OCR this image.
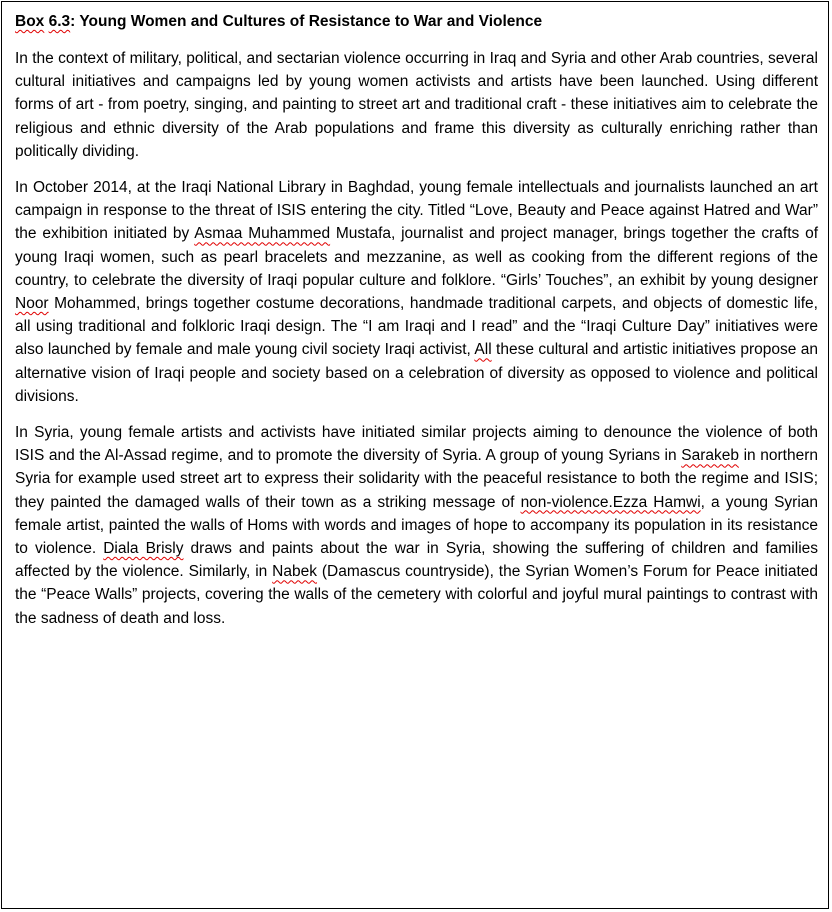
Box 6.3: Young Women and Cultures of Resistance to War and Violence

In the context of military, political, and sectarian violence occurring in Iraq and Syria and other Arab countries, several cultural initiatives and campaigns led by young women activists and artists have been launched. Using different forms of art - from poetry, singing, and painting to street art and traditional craft - these initiatives aim to celebrate the religious and ethnic diversity of the Arab populations and frame this diversity as culturally enriching rather than politically dividing.

In October 2014, at the Iraqi National Library in Baghdad, young female intellectuals and journalists launched an art campaign in response to the threat of ISIS entering the city. Titled “Love, Beauty and Peace against Hatred and War” the exhibition initiated by Asmaa Muhammed Mustafa, journalist and project manager, brings together the crafts of young Iraqi women, such as pearl bracelets and mezzanine, as well as cooking from the different regions of the country, to celebrate the diversity of Iraqi popular culture and folklore. “Girls’ Touches”, an exhibit by young designer Noor Mohammed, brings together costume decorations, handmade traditional carpets, and objects of domestic life, all using traditional and folkloric Iraqi design. The “I am Iraqi and I read” and the “Iraqi Culture Day” initiatives were also launched by female and male young civil society Iraqi activist, All these cultural and artistic initiatives propose an alternative vision of Iraqi people and society based on a celebration of diversity as opposed to violence and political divisions.

In Syria, young female artists and activists have initiated similar projects aiming to denounce the violence of both ISIS and the Al-Assad regime, and to promote the diversity of Syria. A group of young Syrians in Sarakeb in northern Syria for example used street art to express their solidarity with the peaceful resistance to both the regime and ISIS; they painted the damaged walls of their town as a striking message of non-violence.Ezza Hamwi, a young Syrian female artist, painted the walls of Homs with words and images of hope to accompany its population in its resistance to violence. Diala Brisly draws and paints about the war in Syria, showing the suffering of children and families affected by the violence. Similarly, in Nabek (Damascus countryside), the Syrian Women’s Forum for Peace initiated the “Peace Walls” projects, covering the walls of the cemetery with colorful and joyful mural paintings to contrast with the sadness of death and loss.
